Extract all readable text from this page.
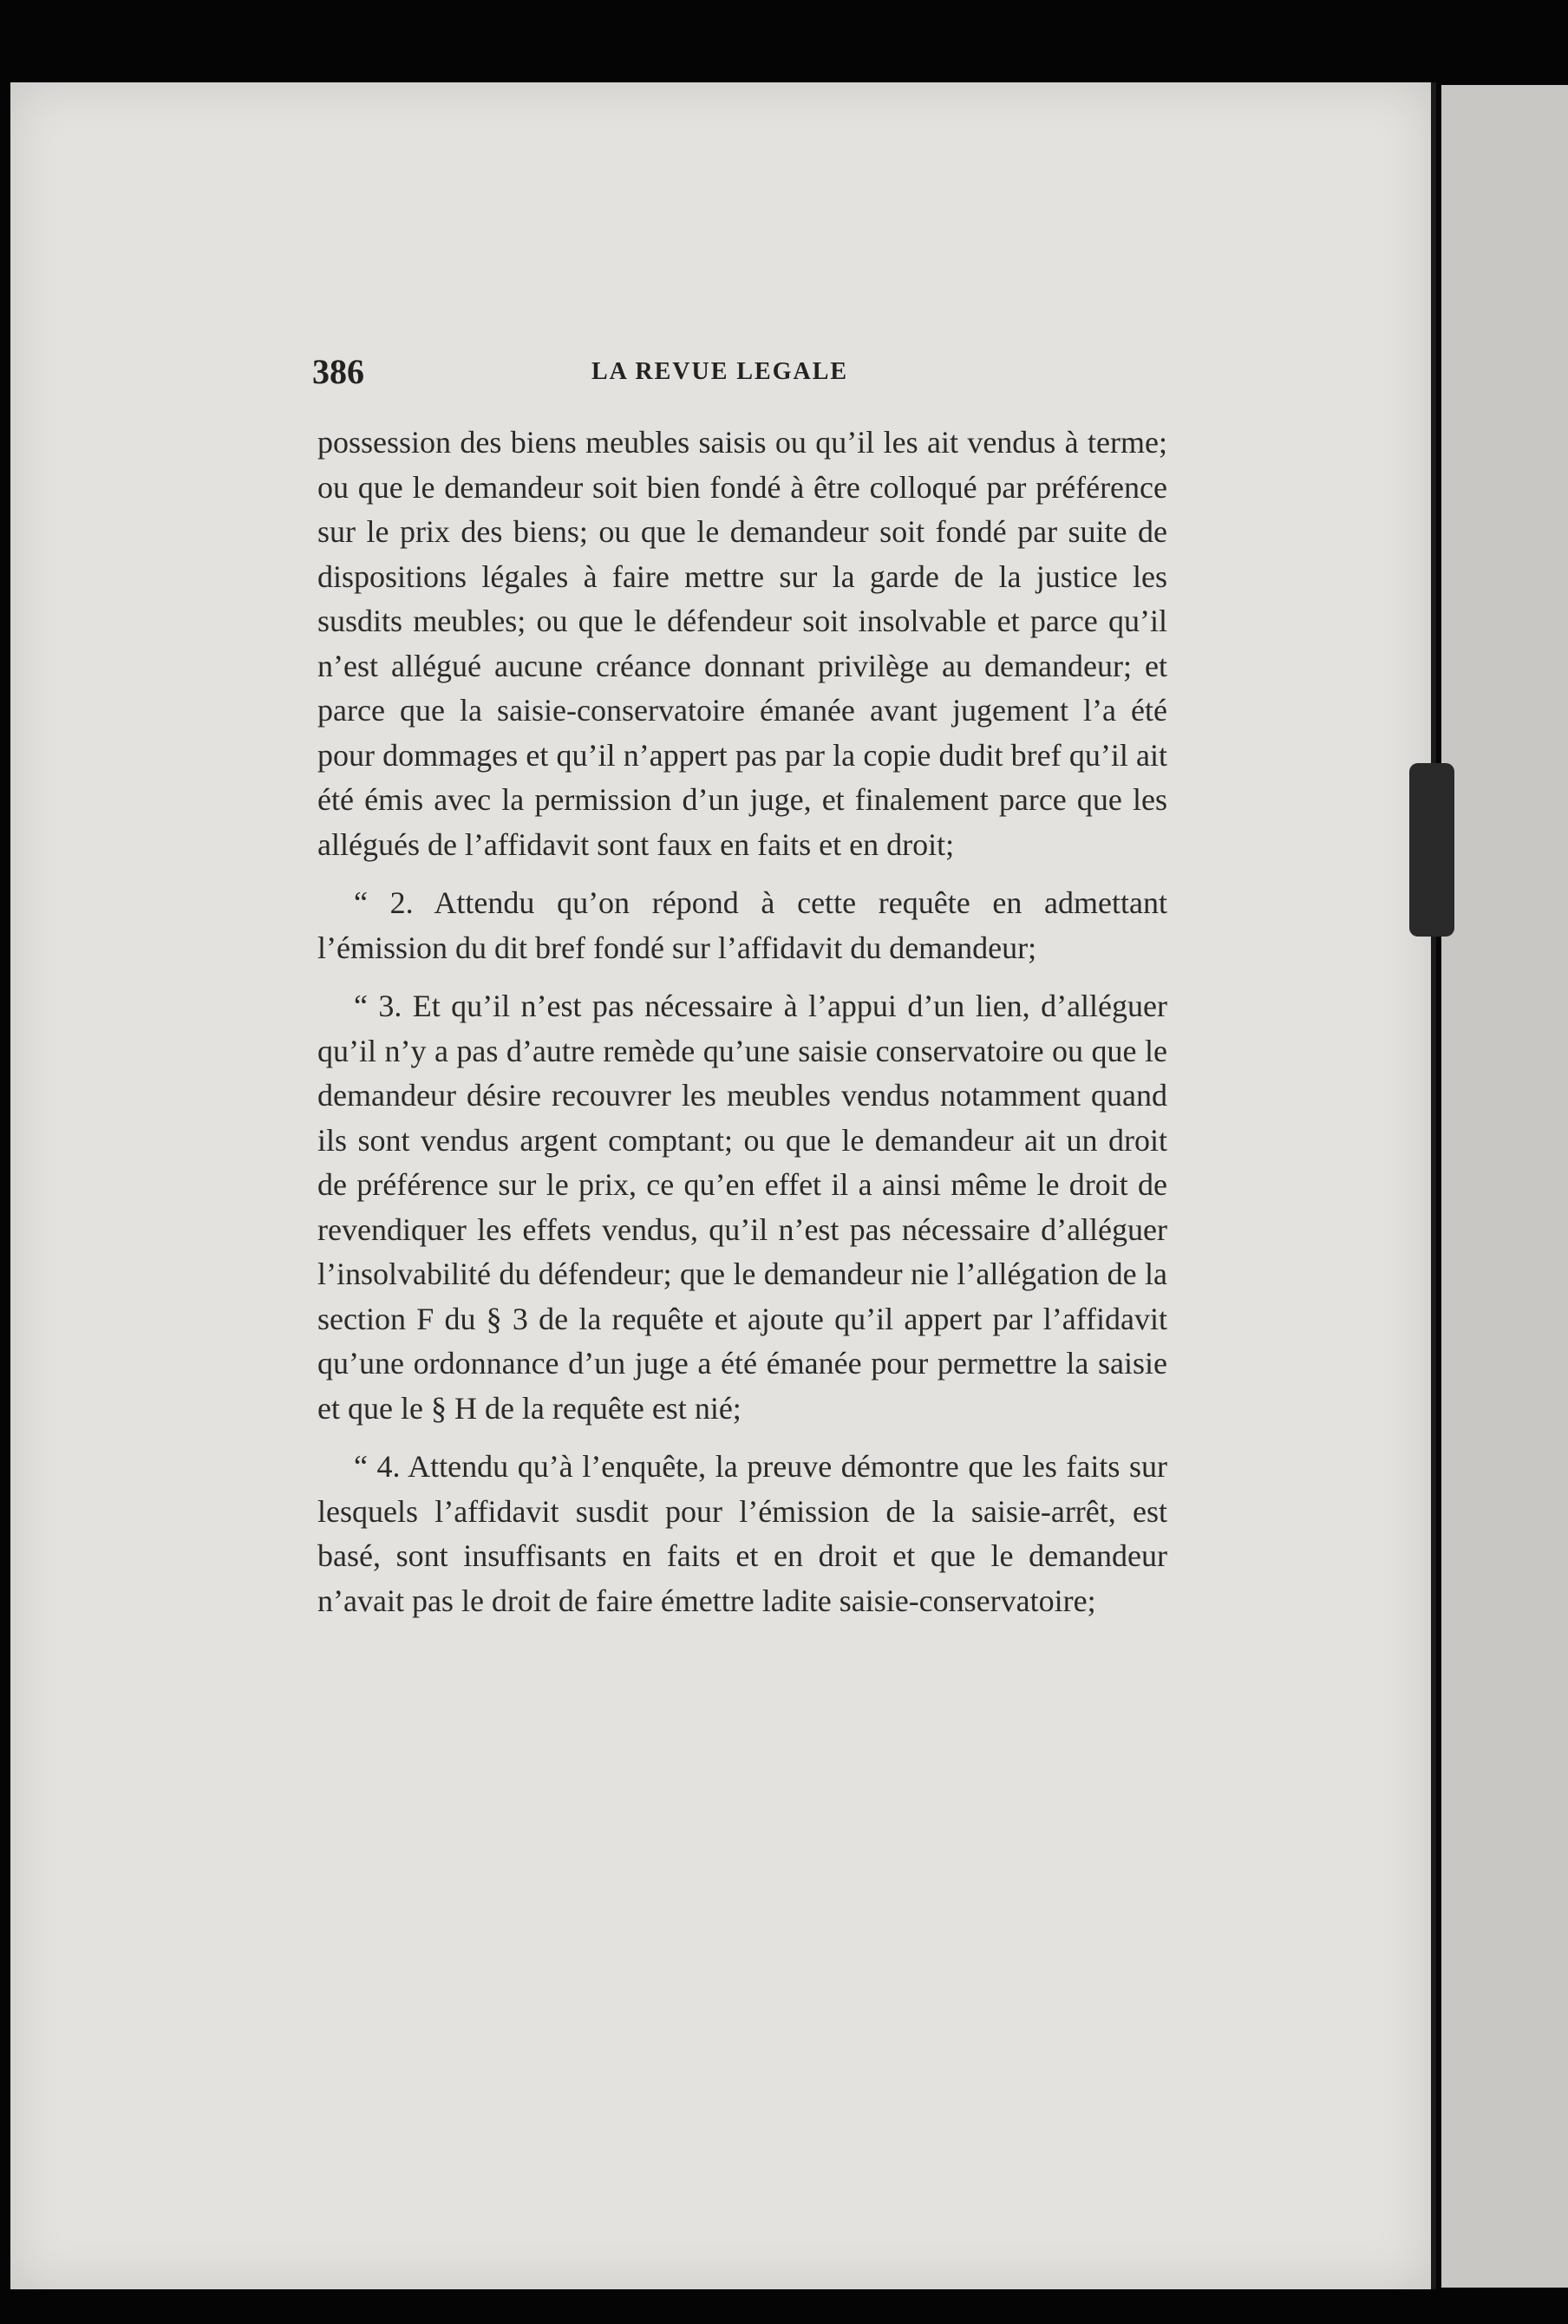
386	LA REVUE LEGALE

possession des biens meubles saisis ou qu’il les ait vendus à terme; ou que le demandeur soit bien fondé à être colloqué par préférence sur le prix des biens; ou que le demandeur soit fondé par suite de dispositions légales à faire mettre sur la garde de la justice les susdits meubles; ou que le défendeur soit insolvable et parce qu’il n’est allégué aucune créance donnant privilège au demandeur; et parce que la saisie-conservatoire émanée avant jugement l’a été pour dommages et qu’il n’appert pas par la copie dudit bref qu’il ait été émis avec la permission d’un juge, et finalement parce que les allégués de l’affidavit sont faux en faits et en droit;

“ 2. Attendu qu’on répond à cette requête en admettant l’émission du dit bref fondé sur l’affidavit du demandeur;

“ 3. Et qu’il n’est pas nécessaire à l’appui d’un lien, d’alléguer qu’il n’y a pas d’autre remède qu’une saisie conservatoire ou que le demandeur désire recouvrer les meubles vendus notamment quand ils sont vendus argent comptant; ou que le demandeur ait un droit de préférence sur le prix, ce qu’en effet il a ainsi même le droit de revendiquer les effets vendus, qu’il n’est pas nécessaire d’alléguer l’insolvabilité du défendeur; que le demandeur nie l’allégation de la section F du § 3 de la requête et ajoute qu’il appert par l’affidavit qu’une ordonnance d’un juge a été émanée pour permettre la saisie et que le § H de la requête est nié;

“ 4. Attendu qu’à l’enquête, la preuve démontre que les faits sur lesquels l’affidavit susdit pour l’émission de la saisie-arrêt, est basé, sont insuffisants en faits et en droit et que le demandeur n’avait pas le droit de faire émettre ladite saisie-conservatoire;
